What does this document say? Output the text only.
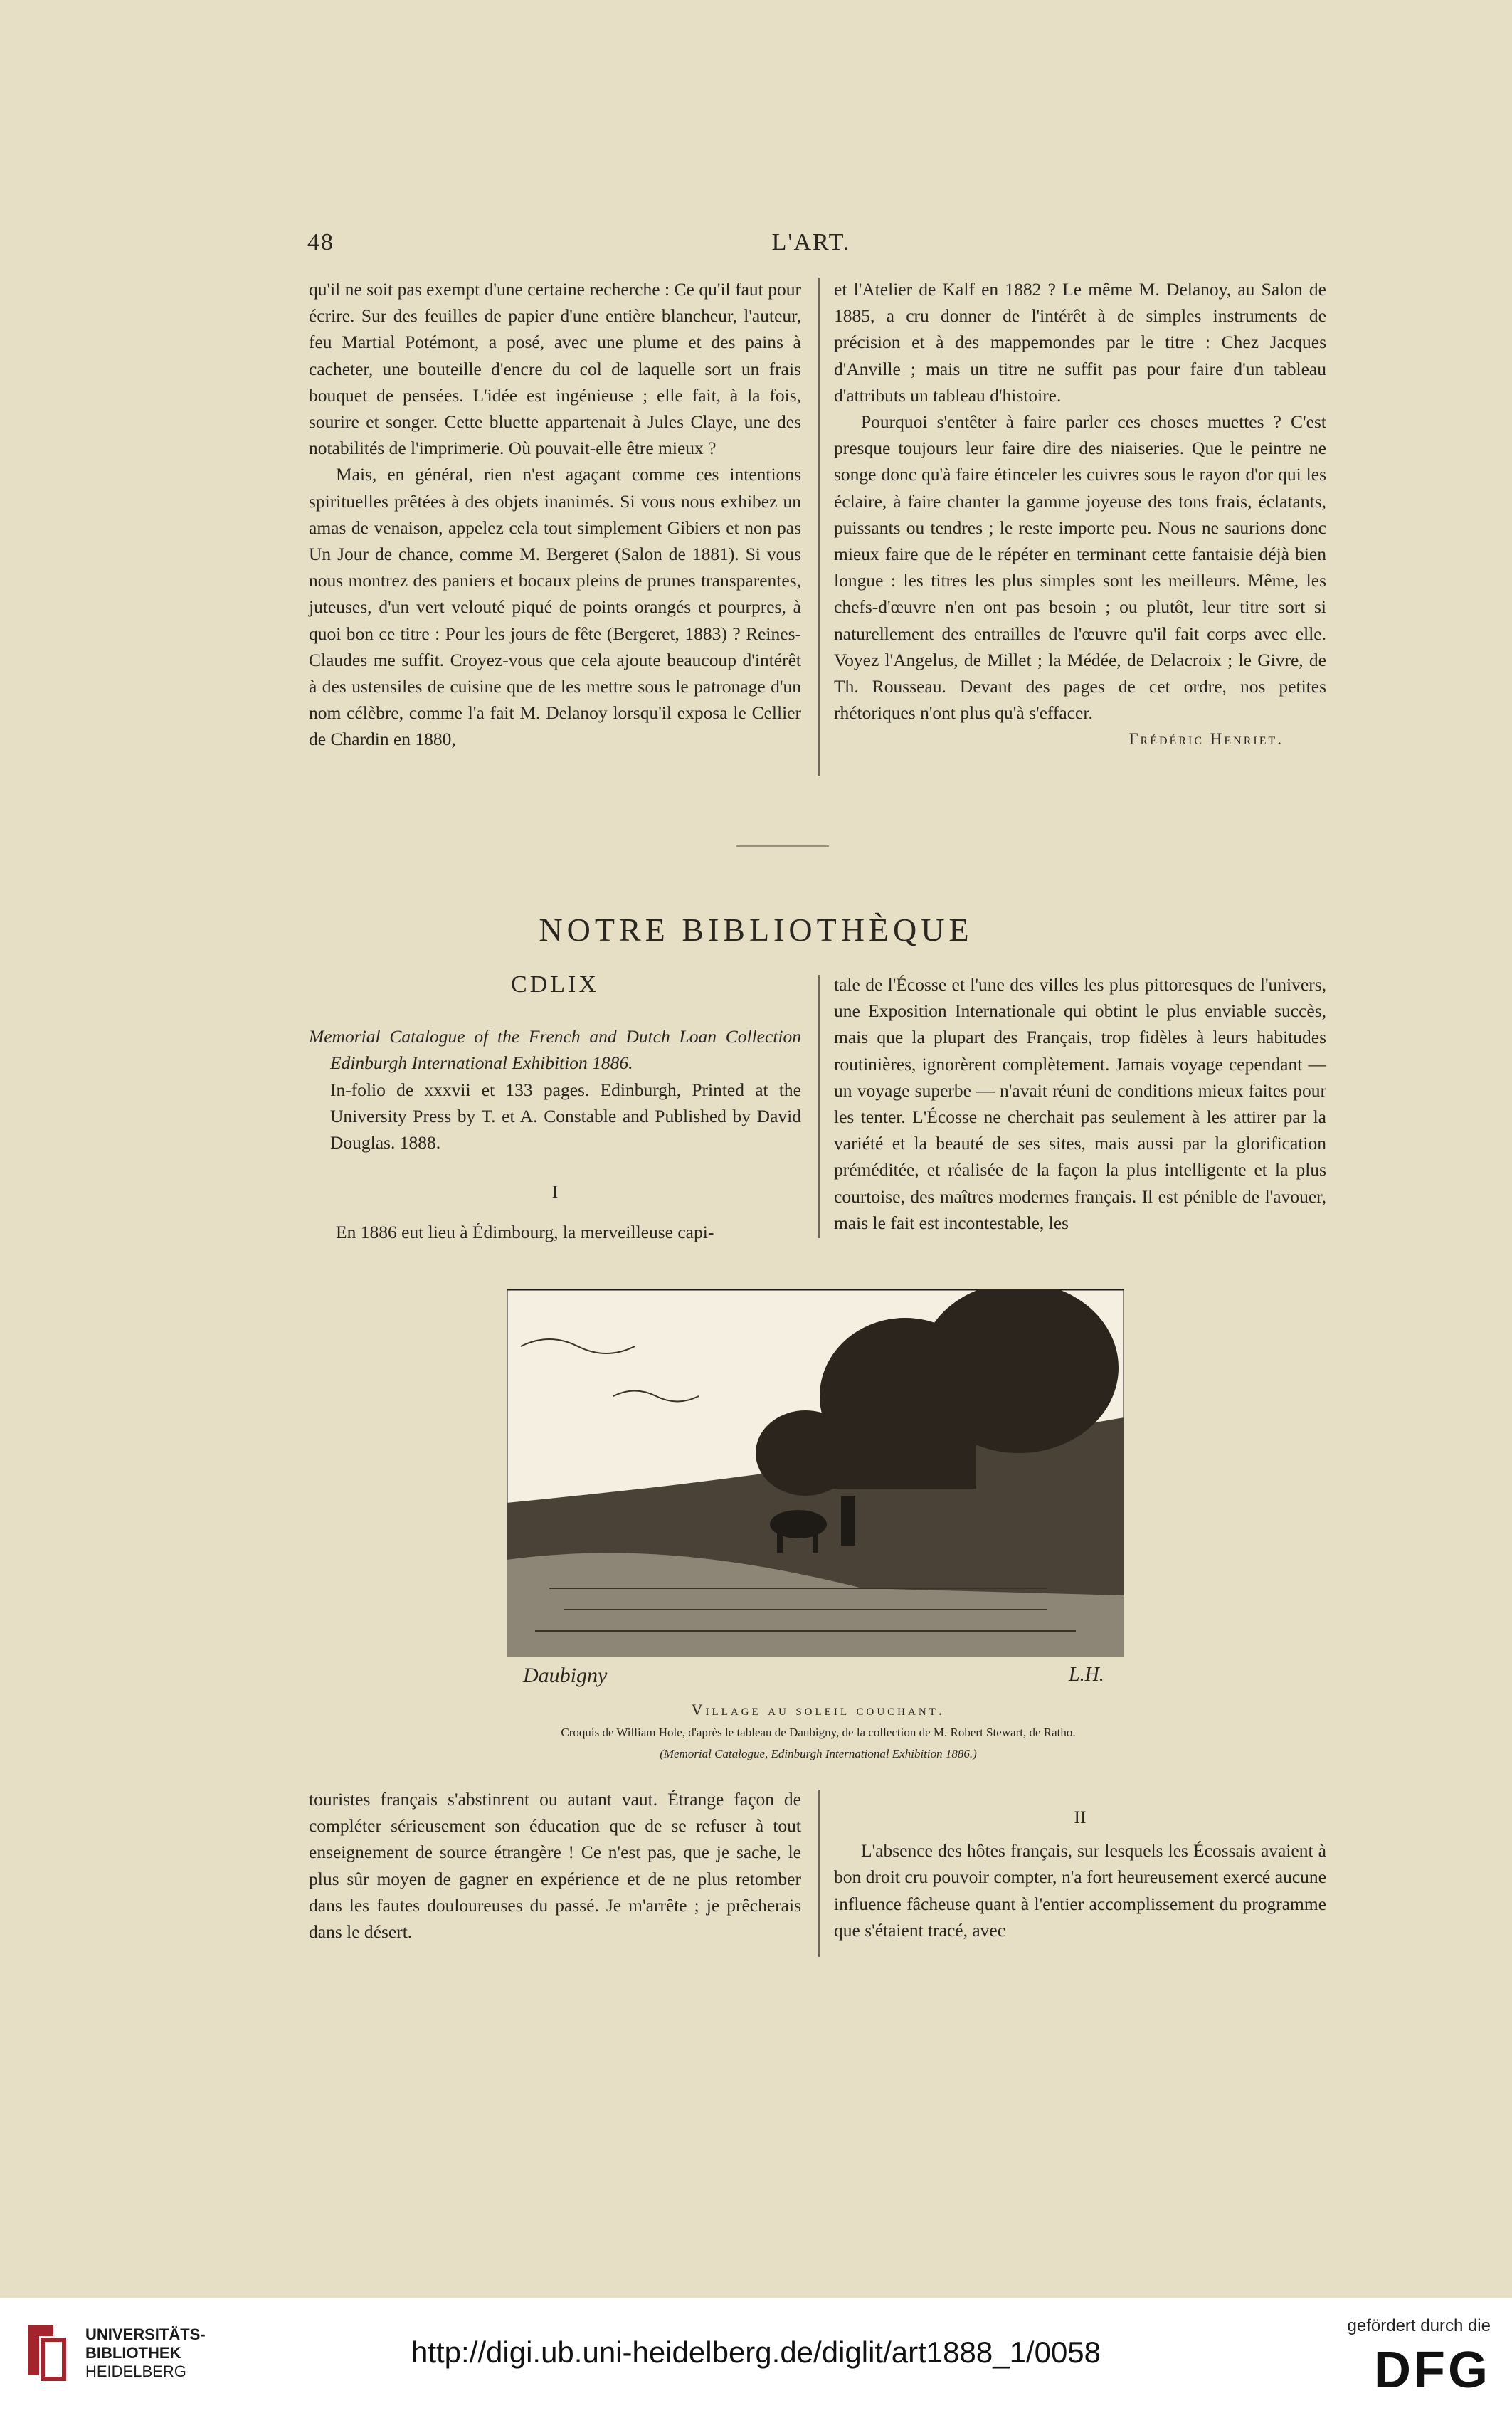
48	L'ART.

qu'il ne soit pas exempt d'une certaine recherche : Ce qu'il faut pour écrire. Sur des feuilles de papier d'une entière blancheur, l'auteur, feu Martial Potémont, a posé, avec une plume et des pains à cacheter, une bouteille d'encre du col de laquelle sort un frais bouquet de pensées. L'idée est ingénieuse ; elle fait, à la fois, sourire et songer. Cette bluette appartenait à Jules Claye, une des notabilités de l'imprimerie. Où pouvait-elle être mieux ?

Mais, en général, rien n'est agaçant comme ces intentions spirituelles prêtées à des objets inanimés. Si vous nous exhibez un amas de venaison, appelez cela tout simplement Gibiers et non pas Un Jour de chance, comme M. Bergeret (Salon de 1881). Si vous nous montrez des paniers et bocaux pleins de prunes transparentes, juteuses, d'un vert velouté piqué de points orangés et pourpres, à quoi bon ce titre : Pour les jours de fête (Bergeret, 1883) ? Reines-Claudes me suffit. Croyez-vous que cela ajoute beaucoup d'intérêt à des ustensiles de cuisine que de les mettre sous le patronage d'un nom célèbre, comme l'a fait M. Delanoy lorsqu'il exposa le Cellier de Chardin en 1880,

et l'Atelier de Kalf en 1882 ? Le même M. Delanoy, au Salon de 1885, a cru donner de l'intérêt à de simples instruments de précision et à des mappemondes par le titre : Chez Jacques d'Anville ; mais un titre ne suffit pas pour faire d'un tableau d'attributs un tableau d'histoire.

Pourquoi s'entêter à faire parler ces choses muettes ? C'est presque toujours leur faire dire des niaiseries. Que le peintre ne songe donc qu'à faire étinceler les cuivres sous le rayon d'or qui les éclaire, à faire chanter la gamme joyeuse des tons frais, éclatants, puissants ou tendres ; le reste importe peu. Nous ne saurions donc mieux faire que de le répéter en terminant cette fantaisie déjà bien longue : les titres les plus simples sont les meilleurs. Même, les chefs-d'œuvre n'en ont pas besoin ; ou plutôt, leur titre sort si naturellement des entrailles de l'œuvre qu'il fait corps avec elle. Voyez l'Angelus, de Millet ; la Médée, de Delacroix ; le Givre, de Th. Rousseau. Devant des pages de cet ordre, nos petites rhétoriques n'ont plus qu'à s'effacer.

Frédéric Henriet.

NOTRE BIBLIOTHÈQUE
CDLIX

Memorial Catalogue of the French and Dutch Loan Collection Edinburgh International Exhibition 1886.

In-folio de xxxvii et 133 pages. Edinburgh, Printed at the University Press by T. et A. Constable and Published by David Douglas. 1888.

I

En 1886 eut lieu à Édimbourg, la merveilleuse capi-

tale de l'Écosse et l'une des villes les plus pittoresques de l'univers, une Exposition Internationale qui obtint le plus enviable succès, mais que la plupart des Français, trop fidèles à leurs habitudes routinières, ignorèrent complètement. Jamais voyage cependant — un voyage superbe — n'avait réuni de conditions mieux faites pour les tenter. L'Écosse ne cherchait pas seulement à les attirer par la variété et la beauté de ses sites, mais aussi par la glorification préméditée, et réalisée de la façon la plus intelligente et la plus courtoise, des maîtres modernes français. Il est pénible de l'avouer, mais le fait est incontestable, les

Daubigny	L.H.
Village au soleil couchant.
Croquis de William Hole, d'après le tableau de Daubigny, de la collection de M. Robert Stewart, de Ratho.
(Memorial Catalogue, Edinburgh International Exhibition 1886.)

touristes français s'abstinrent ou autant vaut. Étrange façon de compléter sérieusement son éducation que de se refuser à tout enseignement de source étrangère ! Ce n'est pas, que je sache, le plus sûr moyen de gagner en expérience et de ne plus retomber dans les fautes douloureuses du passé. Je m'arrête ; je prêcherais dans le désert.

II

L'absence des hôtes français, sur lesquels les Écossais avaient à bon droit cru pouvoir compter, n'a fort heureusement exercé aucune influence fâcheuse quant à l'entier accomplissement du programme que s'étaient tracé, avec

UNIVERSITÄTS-
BIBLIOTHEK
HEIDELBERG
http://digi.ub.uni-heidelberg.de/diglit/art1888_1/0058
gefördert durch die
DFG
